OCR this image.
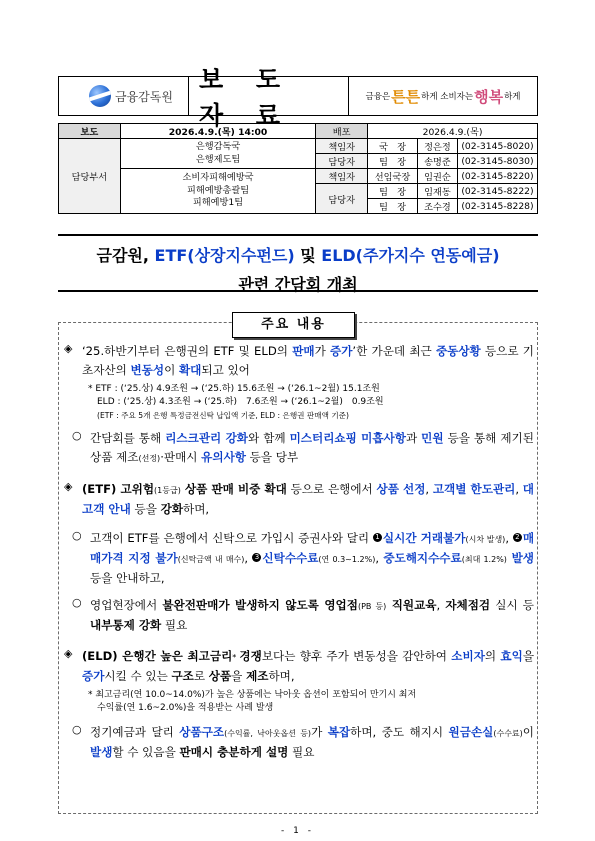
금융감독원
보 도 자 료
금융은 튼튼 하게 소비자는 행복 하게
보도	2026.4.9.(목) 14:00	배포	2026.4.9.(목)		
담당부서	은행감독국
은행제도팀	책임자	국　장	정은정	(02-3145-8020)
		담당자	팀　장	송명준	(02-3145-8030)

	소비자피해예방국
피해예방총괄팀
피해예방1팀	책임자	선임국장	임권순	(02-3145-8220)
		담당자	팀　장	임재동	(02-3145-8222)
			팀　장	조수경	(02-3145-8228)
금감원, ETF(상장지수펀드) 및 ELD(주가지수 연동예금)
관련 간담회 개최
주요 내용
◈ ‘25.하반기부터 은행권의 ETF 및 ELD의 판매가 증가’한 가운데 최근 중동상황 등으로 기초자산의 변동성이 확대되고 있어
* ETF : (‘25.상) 4.9조원 → (‘25.하) 15.6조원 → (‘26.1~2월) 15.1조원
ELD : (‘25.상) 4.3조원 → (‘25.하)　7.6조원 → (‘26.1~2월)　0.9조원
(ETF : 주요 5개 은행 특정금전신탁 납입액 기준, ELD : 은행권 판매액 기준)
○ 간담회를 통해 리스크관리 강화와 함께 미스터리쇼핑 미흡사항과 민원 등을 통해 제기된 상품 제조(선정)·판매시 유의사항 등을 당부
◈ (ETF) 고위험(1등급) 상품 판매 비중 확대 등으로 은행에서 상품 선정, 고객별 한도관리, 대고객 안내 등을 강화하며,
○ 고객이 ETF를 은행에서 신탁으로 가입시 증권사와 달리 1 실시간 거래불가(시차 발생), 2 매매가격 지정 불가(신탁금액 내 매수), 3 신탁수수료(연 0.3~1.2%), 중도해지수수료(최대 1.2%) 발생 등을 안내하고,
○ 영업현장에서 불완전판매가 발생하지 않도록 영업점(PB 등) 직원교육, 자체점검 실시 등 내부통제 강화 필요
◈ (ELD) 은행간 높은 최고금리* 경쟁보다는 향후 주가 변동성을 감안하여 소비자의 효익을 증가시킬 수 있는 구조로 상품을 제조하며,
* 최고금리(연 10.0~14.0%)가 높은 상품에는 낙아웃 옵션이 포함되어 만기시 최저
수익률(연 1.6~2.0%)을 적용받는 사례 발생
○ 정기예금과 달리 상품구조(수익률, 낙아웃옵션 등)가 복잡하며, 중도 해지시 원금손실(수수료)이 발생할 수 있음을 판매시 충분하게 설명 필요
- 1 -
